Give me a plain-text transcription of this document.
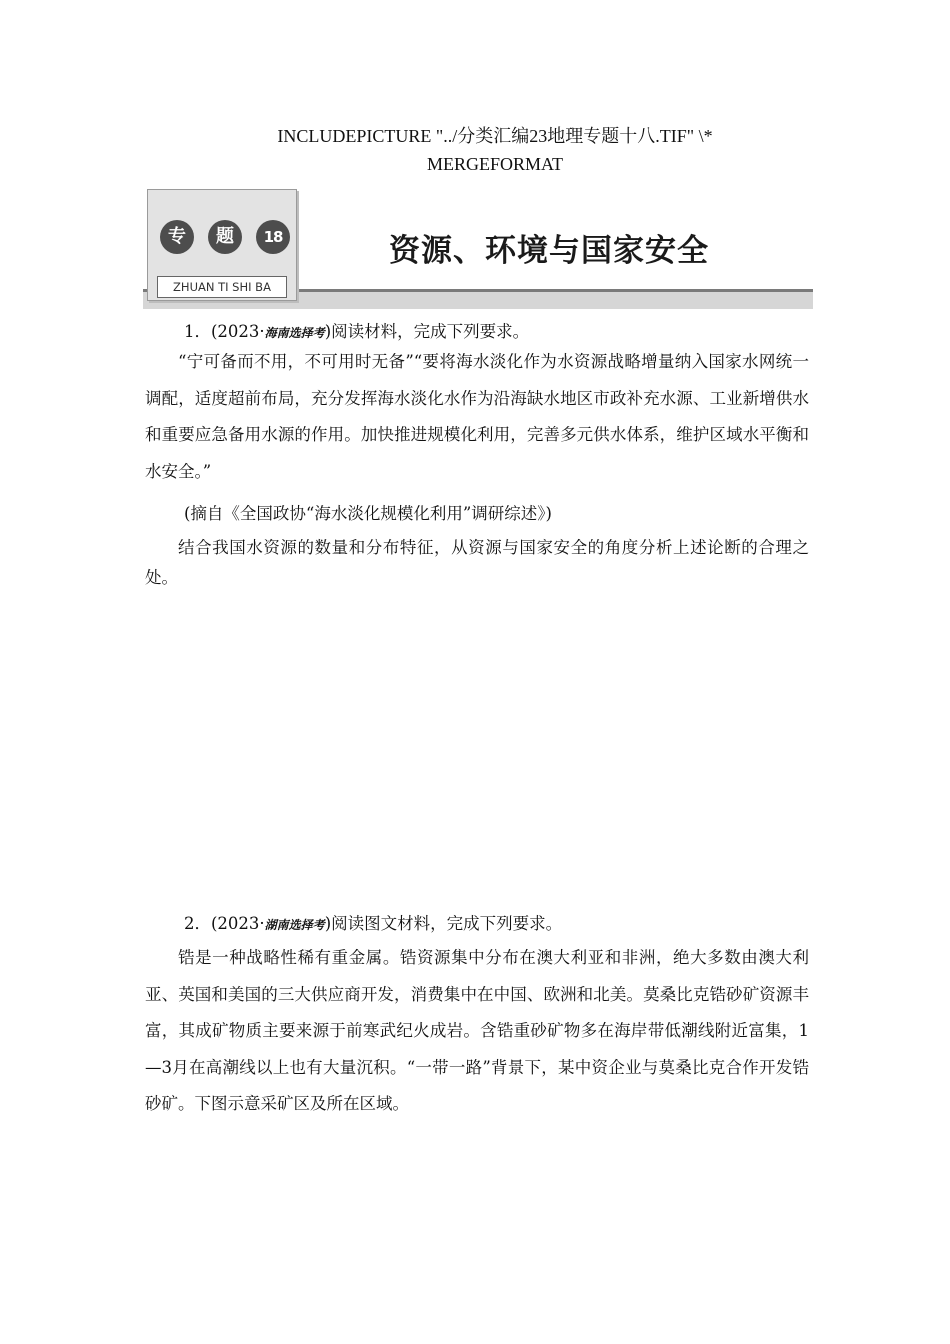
INCLUDEPICTURE "../分类汇编23地理专题十八.TIF" \*
MERGEFORMAT
专	题	18
ZHUAN TI SHI BA
资源、环境与国家安全
1．(2023·海南选择考)阅读材料，完成下列要求。
“宁可备而不用，不可用时无备”“要将海水淡化作为水资源战略增量纳入国家水网统一调配，适度超前布局，充分发挥海水淡化水作为沿海缺水地区市政补充水源、工业新增供水和重要应急备用水源的作用。加快推进规模化利用，完善多元供水体系，维护区域水平衡和水安全。”
(摘自《全国政协“海水淡化规模化利用”调研综述》)
结合我国水资源的数量和分布特征，从资源与国家安全的角度分析上述论断的合理之处。
2．(2023·湖南选择考)阅读图文材料，完成下列要求。
锆是一种战略性稀有重金属。锆资源集中分布在澳大利亚和非洲，绝大多数由澳大利亚、英国和美国的三大供应商开发，消费集中在中国、欧洲和北美。莫桑比克锆砂矿资源丰富，其成矿物质主要来源于前寒武纪火成岩。含锆重砂矿物多在海岸带低潮线附近富集，1—3月在高潮线以上也有大量沉积。“一带一路”背景下，某中资企业与莫桑比克合作开发锆砂矿。下图示意采矿区及所在区域。
